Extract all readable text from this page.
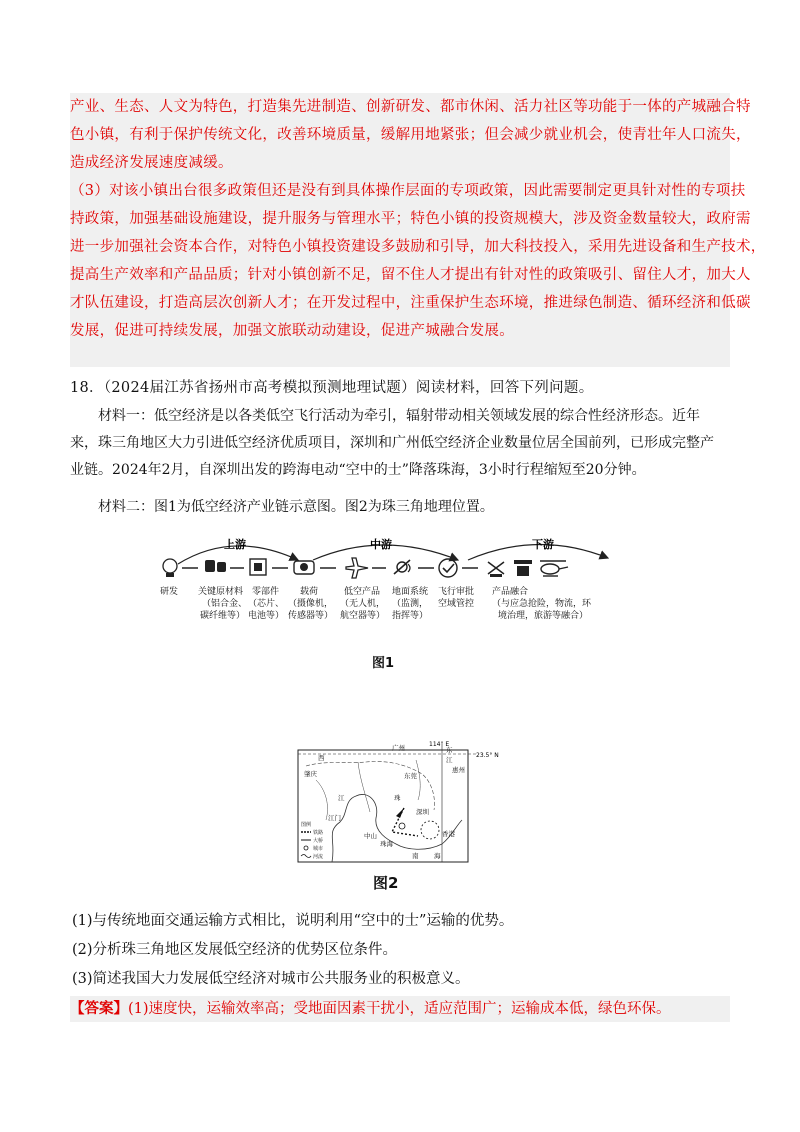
产业、生态、人文为特色，打造集先进制造、创新研发、都市休闲、活力社区等功能于一体的产城融合特
色小镇，有利于保护传统文化，改善环境质量，缓解用地紧张；但会减少就业机会，使青壮年人口流失，
造成经济发展速度减缓。
（3）对该小镇出台很多政策但还是没有到具体操作层面的专项政策，因此需要制定更具针对性的专项扶
持政策，加强基础设施建设，提升服务与管理水平；特色小镇的投资规模大，涉及资金数量较大，政府需
进一步加强社会资本合作，对特色小镇投资建设多鼓励和引导，加大科技投入，采用先进设备和生产技术，
提高生产效率和产品品质；针对小镇创新不足，留不住人才提出有针对性的政策吸引、留住人才，加大人
才队伍建设，打造高层次创新人才；在开发过程中，注重保护生态环境，推进绿色制造、循环经济和低碳
发展，促进可持续发展，加强文旅联动动建设，促进产城融合发展。
18．（2024届江苏省扬州市高考模拟预测地理试题）阅读材料，回答下列问题。
材料一：低空经济是以各类低空飞行活动为牵引，辐射带动相关领域发展的综合性经济形态。近年
来，珠三角地区大力引进低空经济优质项目，深圳和广州低空经济企业数量位居全国前列，已形成完整产
业链。2024年2月，自深圳出发的跨海电动“空中的士”降落珠海，3小时行程缩短至20分钟。
材料二：图1为低空经济产业链示意图。图2为珠三角地理位置。
上游	中游	下游
研发 关键原材料
（铝合金、
碳纤维等）
零部件
（芯片、
电池等）
载荷
（摄像机，
传感器等）
低空产品
（无人机，
航空器等）
地面系统
（监测，
指挥等）
飞行审批
空域管控
产品融合
（与应急抢险，物流，环
境治理，旅游等融合）
图1
114° E
23.5° N
广州
惠州
肇庆	东莞
江门
中山
深圳
珠海
香港
西
江
东
江
珠
南 海
图例
铁路
大桥
城市
河流
图2
(1)与传统地面交通运输方式相比，说明利用“空中的士”运输的优势。
(2)分析珠三角地区发展低空经济的优势区位条件。
(3)简述我国大力发展低空经济对城市公共服务业的积极意义。
【答案】(1)速度快，运输效率高；受地面因素干扰小，适应范围广；运输成本低，绿色环保。
